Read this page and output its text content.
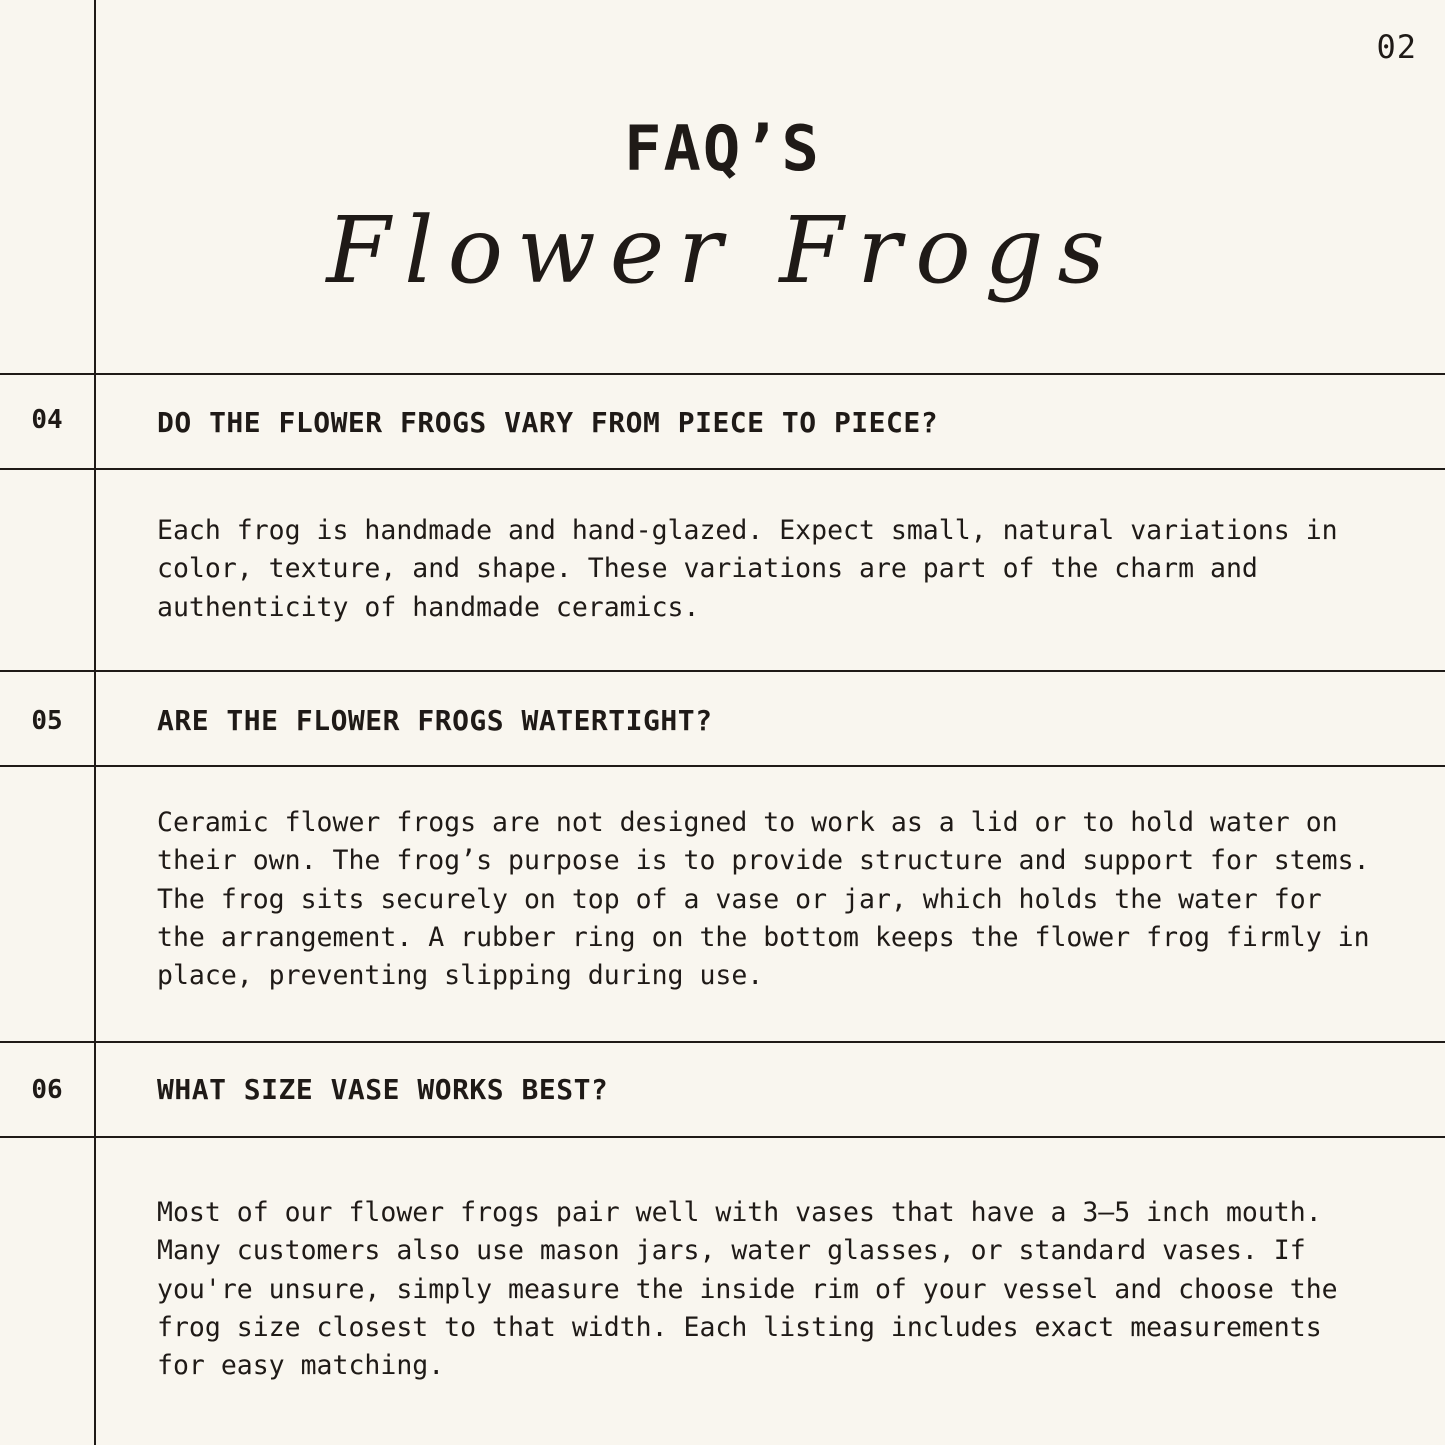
02
FAQ’S
Flower Frogs
04	DO THE FLOWER FROGS VARY FROM PIECE TO PIECE?

Each frog is handmade and hand-glazed. Expect small, natural variations in color, texture, and shape. These variations are part of the charm and authenticity of handmade ceramics.

05	ARE THE FLOWER FROGS WATERTIGHT?

Ceramic flower frogs are not designed to work as a lid or to hold water on their own. The frog’s purpose is to provide structure and support for stems. The frog sits securely on top of a vase or jar, which holds the water for the arrangement. A rubber ring on the bottom keeps the flower frog firmly in place, preventing slipping during use.

06	WHAT SIZE VASE WORKS BEST?

Most of our flower frogs pair well with vases that have a 3–5 inch mouth. Many customers also use mason jars, water glasses, or standard vases. If you're unsure, simply measure the inside rim of your vessel and choose the frog size closest to that width. Each listing includes exact measurements for easy matching.
